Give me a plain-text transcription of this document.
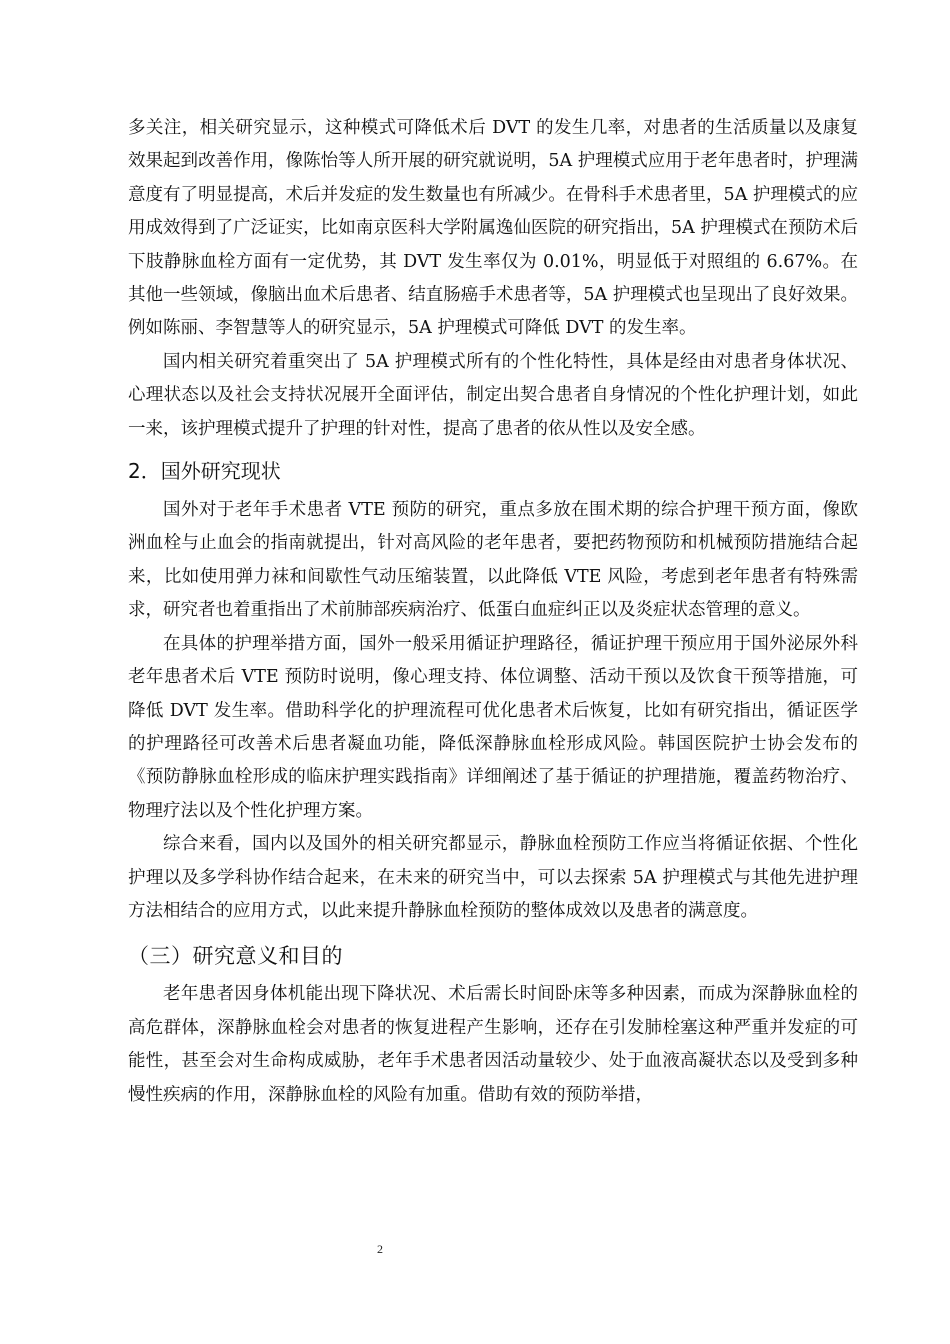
多关注，相关研究显示，这种模式可降低术后 DVT 的发生几率，对患者的生活质量以及康复效果起到改善作用，像陈怡等人所开展的研究就说明，5A 护理模式应用于老年患者时，护理满意度有了明显提高，术后并发症的发生数量也有所减少。在骨科手术患者里，5A 护理模式的应用成效得到了广泛证实，比如南京医科大学附属逸仙医院的研究指出，5A 护理模式在预防术后下肢静脉血栓方面有一定优势，其 DVT 发生率仅为 0.01%，明显低于对照组的 6.67%。在其他一些领域，像脑出血术后患者、结直肠癌手术患者等，5A 护理模式也呈现出了良好效果。例如陈丽、李智慧等人的研究显示，5A 护理模式可降低 DVT 的发生率。

国内相关研究着重突出了 5A 护理模式所有的个性化特性，具体是经由对患者身体状况、心理状态以及社会支持状况展开全面评估，制定出契合患者自身情况的个性化护理计划，如此一来，该护理模式提升了护理的针对性，提高了患者的依从性以及安全感。

2．国外研究现状

国外对于老年手术患者 VTE 预防的研究，重点多放在围术期的综合护理干预方面，像欧洲血栓与止血会的指南就提出，针对高风险的老年患者，要把药物预防和机械预防措施结合起来，比如使用弹力袜和间歇性气动压缩装置，以此降低 VTE 风险，考虑到老年患者有特殊需求，研究者也着重指出了术前肺部疾病治疗、低蛋白血症纠正以及炎症状态管理的意义。

在具体的护理举措方面，国外一般采用循证护理路径，循证护理干预应用于国外泌尿外科老年患者术后 VTE 预防时说明，像心理支持、体位调整、活动干预以及饮食干预等措施，可降低 DVT 发生率。借助科学化的护理流程可优化患者术后恢复，比如有研究指出，循证医学的护理路径可改善术后患者凝血功能，降低深静脉血栓形成风险。韩国医院护士协会发布的《预防静脉血栓形成的临床护理实践指南》详细阐述了基于循证的护理措施，覆盖药物治疗、物理疗法以及个性化护理方案。

综合来看，国内以及国外的相关研究都显示，静脉血栓预防工作应当将循证依据、个性化护理以及多学科协作结合起来，在未来的研究当中，可以去探索 5A 护理模式与其他先进护理方法相结合的应用方式，以此来提升静脉血栓预防的整体成效以及患者的满意度。

（三）研究意义和目的

老年患者因身体机能出现下降状况、术后需长时间卧床等多种因素，而成为深静脉血栓的高危群体，深静脉血栓会对患者的恢复进程产生影响，还存在引发肺栓塞这种严重并发症的可能性，甚至会对生命构成威胁，老年手术患者因活动量较少、处于血液高凝状态以及受到多种慢性疾病的作用，深静脉血栓的风险有加重。借助有效的预防举措，

2
